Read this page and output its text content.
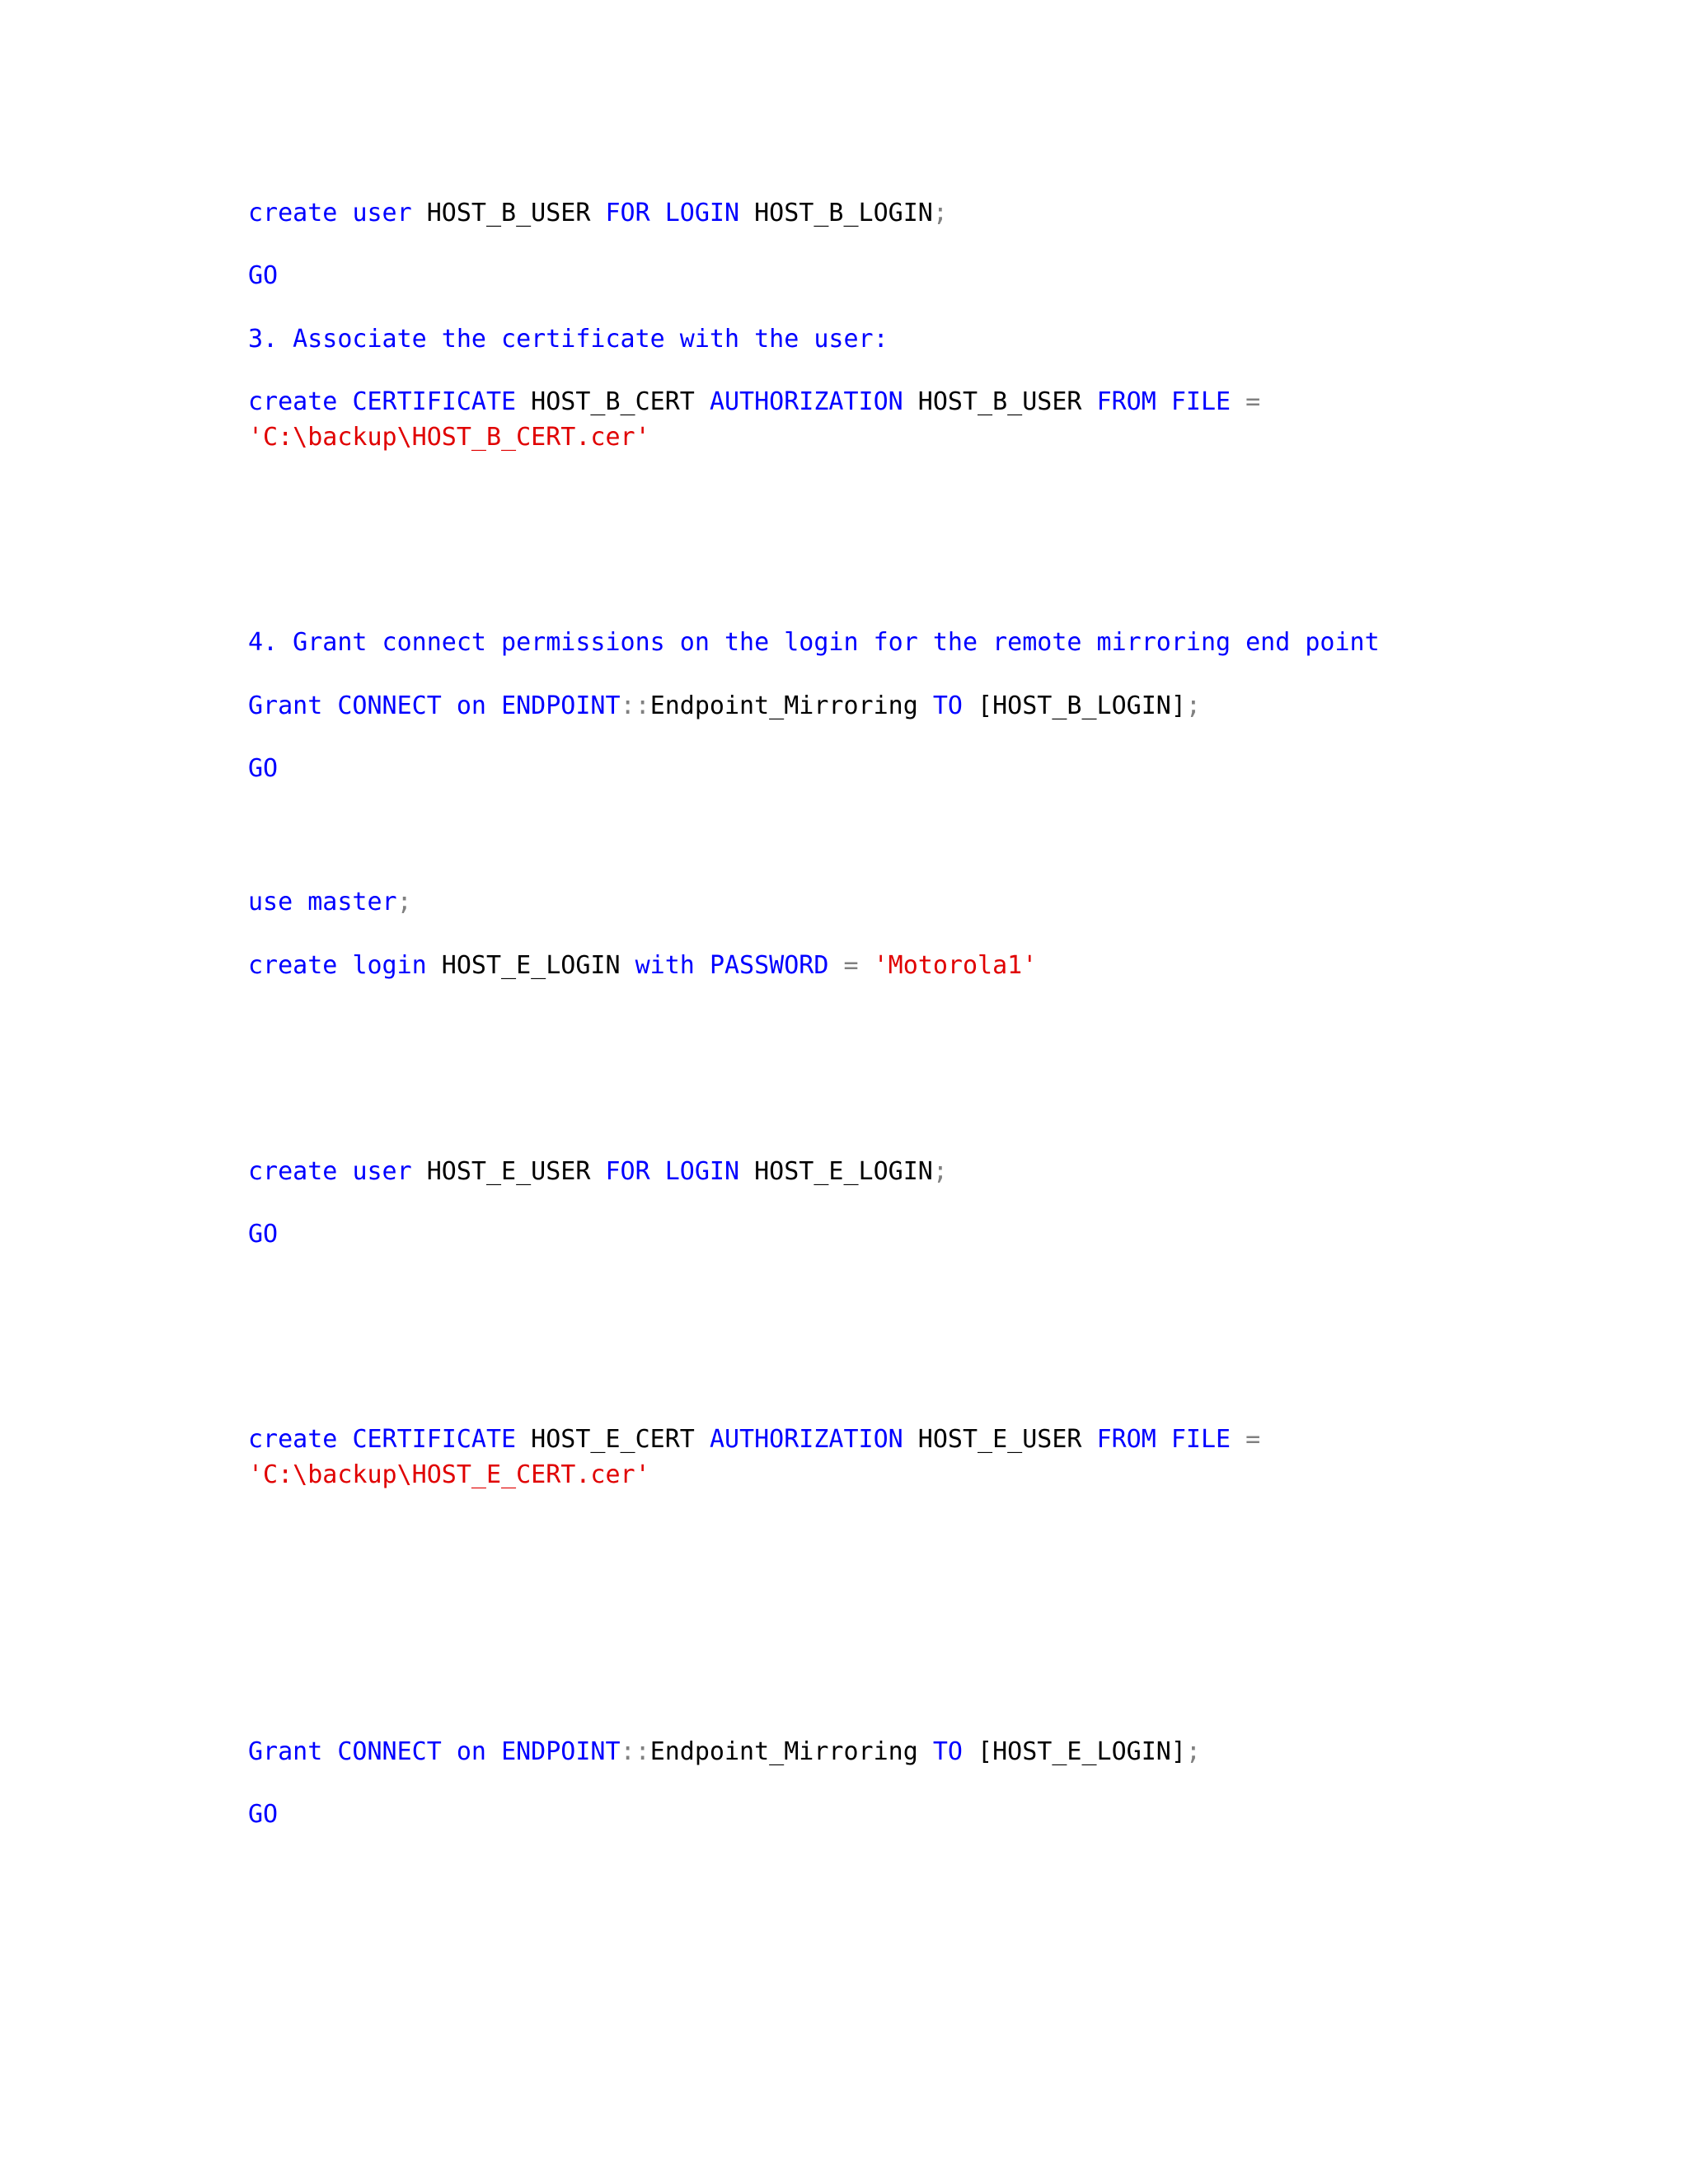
create user HOST_B_USER FOR LOGIN HOST_B_LOGIN;

GO

3. Associate the certificate with the user:

create CERTIFICATE HOST_B_CERT AUTHORIZATION HOST_B_USER FROM FILE =

'C:\backup\HOST_B_CERT.cer'

4. Grant connect permissions on the login for the remote mirroring end point

Grant CONNECT on ENDPOINT::Endpoint_Mirroring TO [HOST_B_LOGIN];

GO

use master;

create login HOST_E_LOGIN with PASSWORD = 'Motorola1'

create user HOST_E_USER FOR LOGIN HOST_E_LOGIN;

GO

create CERTIFICATE HOST_E_CERT AUTHORIZATION HOST_E_USER FROM FILE =

'C:\backup\HOST_E_CERT.cer'

Grant CONNECT on ENDPOINT::Endpoint_Mirroring TO [HOST_E_LOGIN];

GO
